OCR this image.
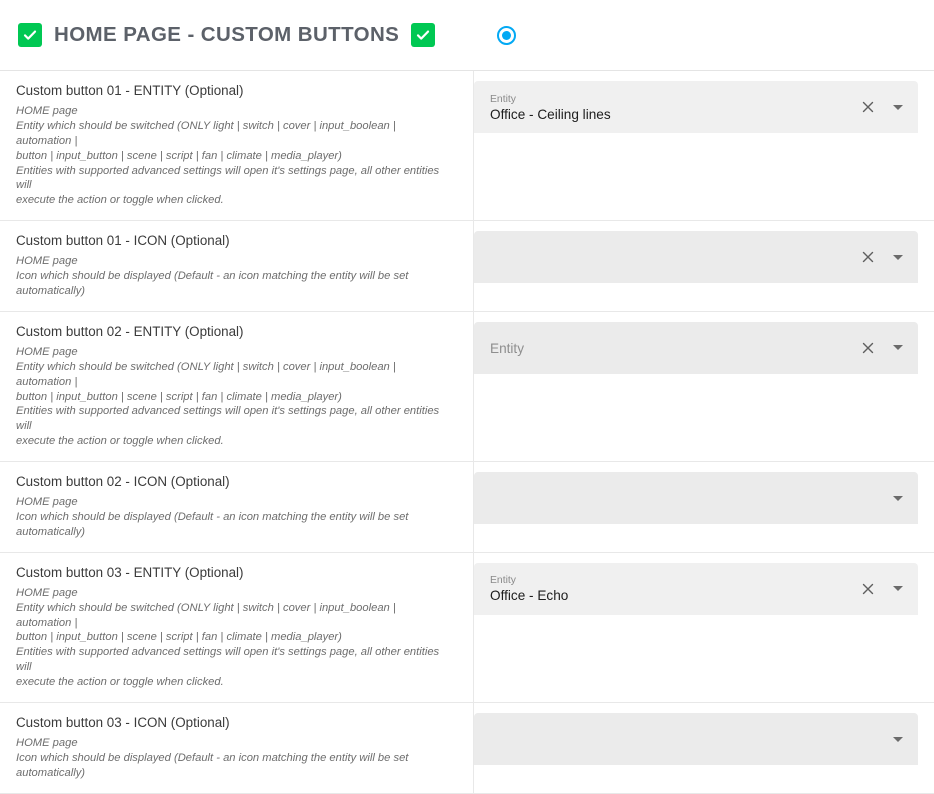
HOME PAGE - CUSTOM BUTTONS
Custom button 01 - ENTITY (Optional)
HOME page
Entity which should be switched (ONLY light | switch | cover | input_boolean | automation |
button | input_button | scene | script | fan | climate | media_player)
Entities with supported advanced settings will open it's settings page, all other entities will
execute the action or toggle when clicked.
Entity
Office - Ceiling lines
Custom button 01 - ICON (Optional)
HOME page
Icon which should be displayed (Default - an icon matching the entity will be set
automatically)
Custom button 02 - ENTITY (Optional)
HOME page
Entity which should be switched (ONLY light | switch | cover | input_boolean | automation |
button | input_button | scene | script | fan | climate | media_player)
Entities with supported advanced settings will open it's settings page, all other entities will
execute the action or toggle when clicked.
Entity
Custom button 02 - ICON (Optional)
HOME page
Icon which should be displayed (Default - an icon matching the entity will be set
automatically)
Custom button 03 - ENTITY (Optional)
HOME page
Entity which should be switched (ONLY light | switch | cover | input_boolean | automation |
button | input_button | scene | script | fan | climate | media_player)
Entities with supported advanced settings will open it's settings page, all other entities will
execute the action or toggle when clicked.
Entity
Office - Echo
Custom button 03 - ICON (Optional)
HOME page
Icon which should be displayed (Default - an icon matching the entity will be set
automatically)
